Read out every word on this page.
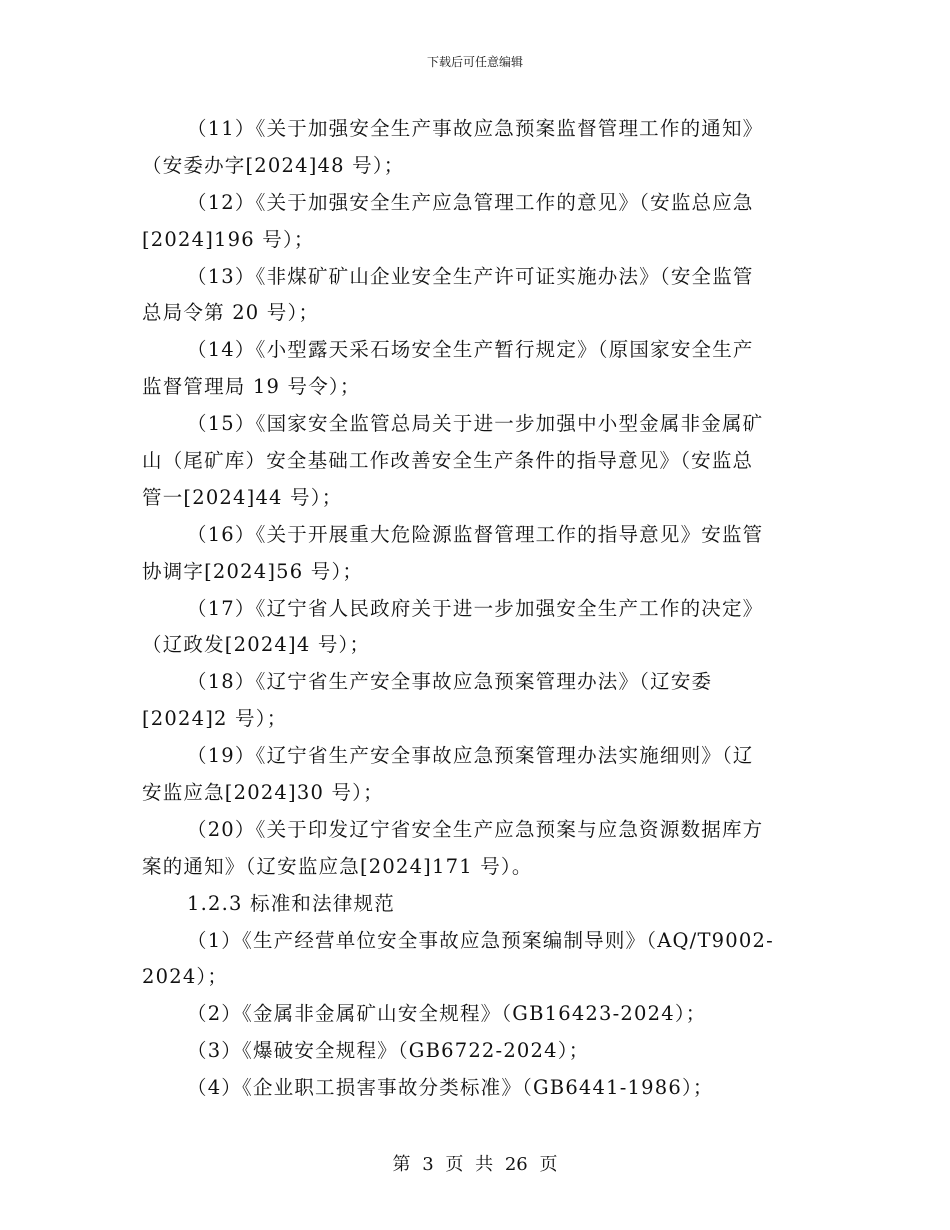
下载后可任意编辑
（11）《关于加强安全生产事故应急预案监督管理工作的通知》
（安委办字[2024]48 号）；
（12）《关于加强安全生产应急管理工作的意见》（安监总应急
[2024]196 号）；
（13）《非煤矿矿山企业安全生产许可证实施办法》（安全监管
总局令第 20 号）；
（14）《小型露天采石场安全生产暂行规定》（原国家安全生产
监督管理局 19 号令）；
（15）《国家安全监管总局关于进一步加强中小型金属非金属矿
山（尾矿库）安全基础工作改善安全生产条件的指导意见》（安监总
管一[2024]44 号）；
（16）《关于开展重大危险源监督管理工作的指导意见》安监管
协调字[2024]56 号）；
（17）《辽宁省人民政府关于进一步加强安全生产工作的决定》
（辽政发[2024]4 号）；
（18）《辽宁省生产安全事故应急预案管理办法》（辽安委
[2024]2 号）；
（19）《辽宁省生产安全事故应急预案管理办法实施细则》（辽
安监应急[2024]30 号）；
（20）《关于印发辽宁省安全生产应急预案与应急资源数据库方
案的通知》（辽安监应急[2024]171 号）。
1.2.3 标准和法律规范
（1）《生产经营单位安全事故应急预案编制导则》（AQ/T9002-
2024）；
（2）《金属非金属矿山安全规程》（GB16423-2024）；
（3）《爆破安全规程》（GB6722-2024）；
（4）《企业职工损害事故分类标准》（GB6441-1986）；
第 3 页 共 26 页
